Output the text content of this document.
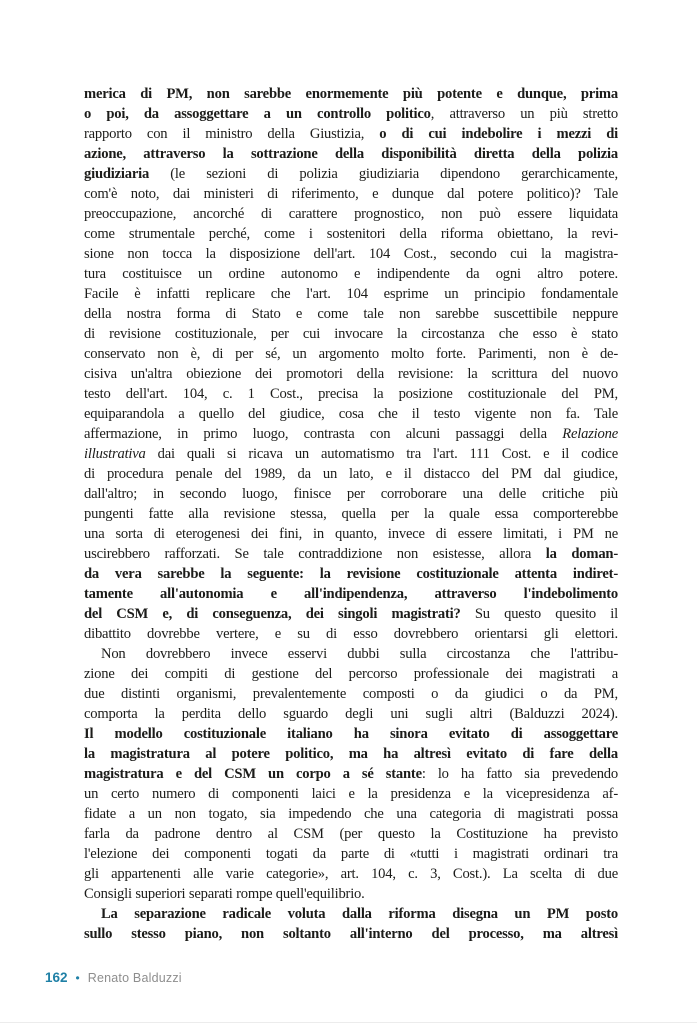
merica di PM, non sarebbe enormemente più potente e dunque, prima
o poi, da assoggettare a un controllo politico, attraverso un più stretto
rapporto con il ministro della Giustizia, o di cui indebolire i mezzi di
azione, attraverso la sottrazione della disponibilità diretta della polizia
giudiziaria (le sezioni di polizia giudiziaria dipendono gerarchicamente,
com'è noto, dai ministeri di riferimento, e dunque dal potere politico)? Tale
preoccupazione, ancorché di carattere prognostico, non può essere liquidata
come strumentale perché, come i sostenitori della riforma obiettano, la revi-
sione non tocca la disposizione dell'art. 104 Cost., secondo cui la magistra-
tura costituisce un ordine autonomo e indipendente da ogni altro potere.
Facile è infatti replicare che l'art. 104 esprime un principio fondamentale
della nostra forma di Stato e come tale non sarebbe suscettibile neppure
di revisione costituzionale, per cui invocare la circostanza che esso è stato
conservato non è, di per sé, un argomento molto forte. Parimenti, non è de-
cisiva un'altra obiezione dei promotori della revisione: la scrittura del nuovo
testo dell'art. 104, c. 1 Cost., precisa la posizione costituzionale del PM,
equiparandola a quello del giudice, cosa che il testo vigente non fa. Tale
affermazione, in primo luogo, contrasta con alcuni passaggi della Relazione
illustrativa dai quali si ricava un automatismo tra l'art. 111 Cost. e il codice
di procedura penale del 1989, da un lato, e il distacco del PM dal giudice,
dall'altro; in secondo luogo, finisce per corroborare una delle critiche più
pungenti fatte alla revisione stessa, quella per la quale essa comporterebbe
una sorta di eterogenesi dei fini, in quanto, invece di essere limitati, i PM ne
uscirebbero rafforzati. Se tale contraddizione non esistesse, allora la doman-
da vera sarebbe la seguente: la revisione costituzionale attenta indiret-
tamente all'autonomia e all'indipendenza, attraverso l'indebolimento
del CSM e, di conseguenza, dei singoli magistrati? Su questo quesito il
dibattito dovrebbe vertere, e su di esso dovrebbero orientarsi gli elettori.
Non dovrebbero invece esservi dubbi sulla circostanza che l'attribu-
zione dei compiti di gestione del percorso professionale dei magistrati a
due distinti organismi, prevalentemente composti o da giudici o da PM,
comporta la perdita dello sguardo degli uni sugli altri (Balduzzi 2024).
Il modello costituzionale italiano ha sinora evitato di assoggettare
la magistratura al potere politico, ma ha altresì evitato di fare della
magistratura e del CSM un corpo a sé stante: lo ha fatto sia prevedendo
un certo numero di componenti laici e la presidenza e la vicepresidenza af-
fidate a un non togato, sia impedendo che una categoria di magistrati possa
farla da padrone dentro al CSM (per questo la Costituzione ha previsto
l'elezione dei componenti togati da parte di «tutti i magistrati ordinari tra
gli appartenenti alle varie categorie», art. 104, c. 3, Cost.). La scelta di due
Consigli superiori separati rompe quell'equilibrio.
La separazione radicale voluta dalla riforma disegna un PM posto
sullo stesso piano, non soltanto all'interno del processo, ma altresì
162 • Renato Balduzzi
